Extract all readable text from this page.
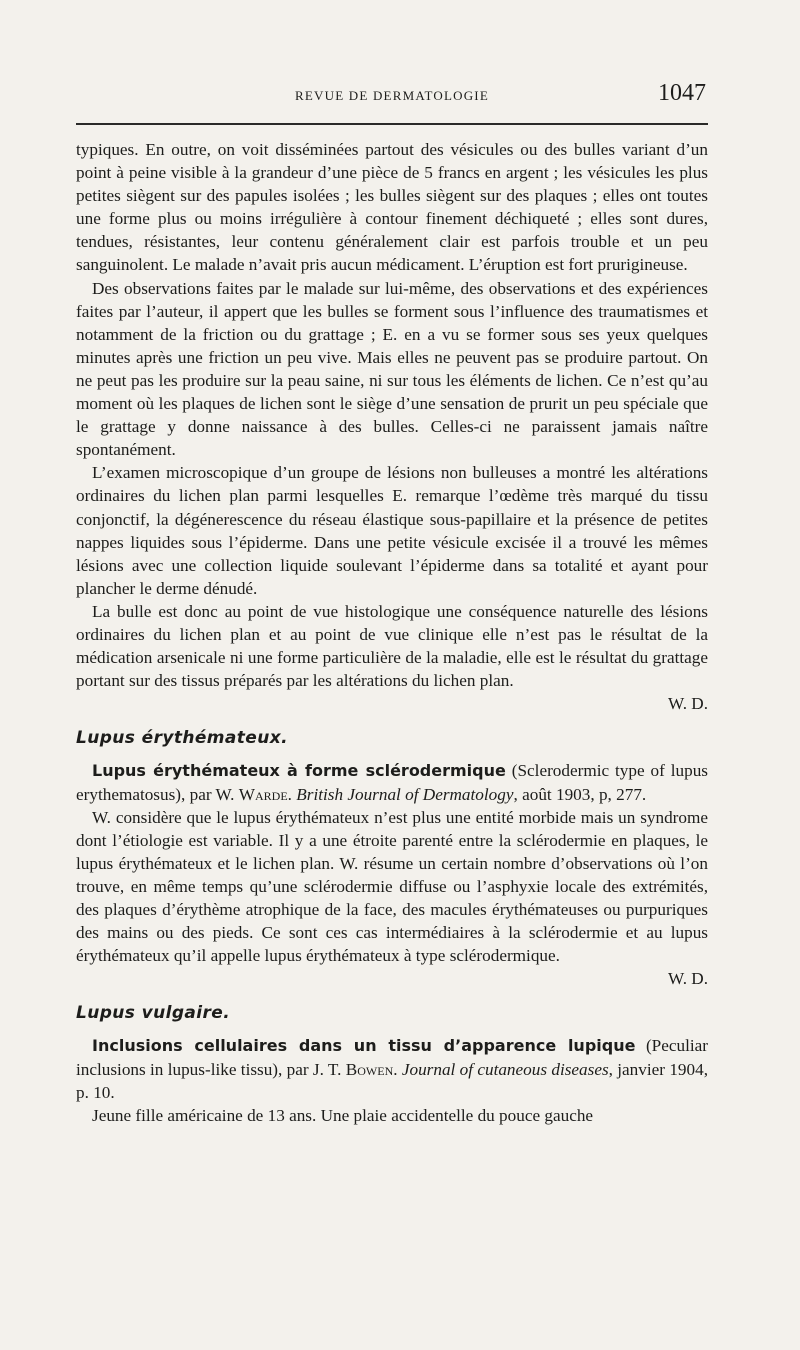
REVUE DE DERMATOLOGIE	1047

typiques. En outre, on voit disséminées partout des vésicules ou des bulles variant d’un point à peine visible à la grandeur d’une pièce de 5 francs en argent ; les vésicules les plus petites siègent sur des papules isolées ; les bulles siègent sur des plaques ; elles ont toutes une forme plus ou moins irrégulière à contour finement déchiqueté ; elles sont dures, tendues, résistantes, leur contenu généralement clair est parfois trouble et un peu sanguinolent. Le malade n’avait pris aucun médicament. L’éruption est fort prurigineuse.

Des observations faites par le malade sur lui-même, des observations et des expériences faites par l’auteur, il appert que les bulles se forment sous l’influence des traumatismes et notamment de la friction ou du grattage ; E. en a vu se former sous ses yeux quelques minutes après une friction un peu vive. Mais elles ne peuvent pas se produire partout. On ne peut pas les produire sur la peau saine, ni sur tous les éléments de lichen. Ce n’est qu’au moment où les plaques de lichen sont le siège d’une sensation de prurit un peu spéciale que le grattage y donne naissance à des bulles. Celles-ci ne paraissent jamais naître spontanément.

L’examen microscopique d’un groupe de lésions non bulleuses a montré les altérations ordinaires du lichen plan parmi lesquelles E. remarque l’œdème très marqué du tissu conjonctif, la dégénerescence du réseau élastique sous-papillaire et la présence de petites nappes liquides sous l’épiderme. Dans une petite vésicule excisée il a trouvé les mêmes lésions avec une collection liquide soulevant l’épiderme dans sa totalité et ayant pour plancher le derme dénudé.

La bulle est donc au point de vue histologique une conséquence naturelle des lésions ordinaires du lichen plan et au point de vue clinique elle n’est pas le résultat de la médication arsenicale ni une forme particulière de la maladie, elle est le résultat du grattage portant sur des tissus préparés par les altérations du lichen plan.

W. D.
Lupus érythémateux.

Lupus érythémateux à forme sclérodermique (Sclerodermic type of lupus erythematosus), par W. Warde. British Journal of Dermatology, août 1903, p, 277.

W. considère que le lupus érythémateux n’est plus une entité morbide mais un syndrome dont l’étiologie est variable. Il y a une étroite parenté entre la sclérodermie en plaques, le lupus érythémateux et le lichen plan. W. résume un certain nombre d’observations où l’on trouve, en même temps qu’une sclérodermie diffuse ou l’asphyxie locale des extrémités, des plaques d’érythème atrophique de la face, des macules érythémateuses ou purpuriques des mains ou des pieds. Ce sont ces cas intermédiaires à la sclérodermie et au lupus érythémateux qu’il appelle lupus érythémateux à type sclérodermique.

W. D.
Lupus vulgaire.

Inclusions cellulaires dans un tissu d’apparence lupique (Peculiar inclusions in lupus-like tissu), par J. T. Bowen. Journal of cutaneous diseases, janvier 1904, p. 10.

Jeune fille américaine de 13 ans. Une plaie accidentelle du pouce gauche
